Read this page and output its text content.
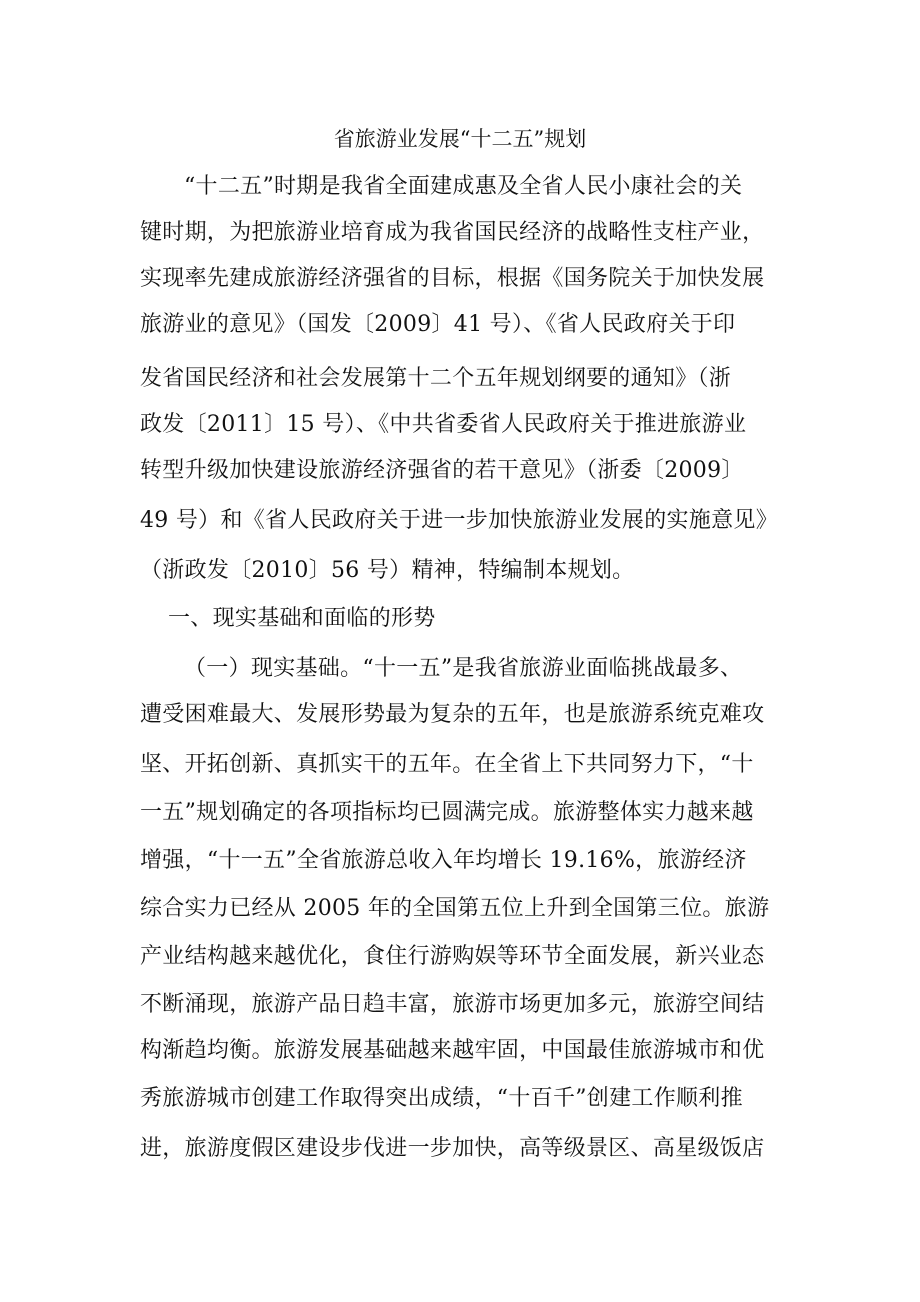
省旅游业发展“十二五”规划
“十二五”时期是我省全面建成惠及全省人民小康社会的关
键时期，为把旅游业培育成为我省国民经济的战略性支柱产业，
实现率先建成旅游经济强省的目标，根据《国务院关于加快发展
旅游业的意见》（国发〔2009〕41 号）、《省人民政府关于印
发省国民经济和社会发展第十二个五年规划纲要的通知》（浙
政发〔2011〕15 号）、《中共省委省人民政府关于推进旅游业
转型升级加快建设旅游经济强省的若干意见》（浙委〔2009〕
49 号）和《省人民政府关于进一步加快旅游业发展的实施意见》
（浙政发〔2010〕56 号）精神，特编制本规划。
一、现实基础和面临的形势
（一）现实基础。“十一五”是我省旅游业面临挑战最多、
遭受困难最大、发展形势最为复杂的五年，也是旅游系统克难攻
坚、开拓创新、真抓实干的五年。在全省上下共同努力下，“十
一五”规划确定的各项指标均已圆满完成。旅游整体实力越来越
增强，“十一五”全省旅游总收入年均增长 19.16%，旅游经济
综合实力已经从 2005 年的全国第五位上升到全国第三位。旅游
产业结构越来越优化，食住行游购娱等环节全面发展，新兴业态
不断涌现，旅游产品日趋丰富，旅游市场更加多元，旅游空间结
构渐趋均衡。旅游发展基础越来越牢固，中国最佳旅游城市和优
秀旅游城市创建工作取得突出成绩，“十百千”创建工作顺利推
进，旅游度假区建设步伐进一步加快，高等级景区、高星级饭店
